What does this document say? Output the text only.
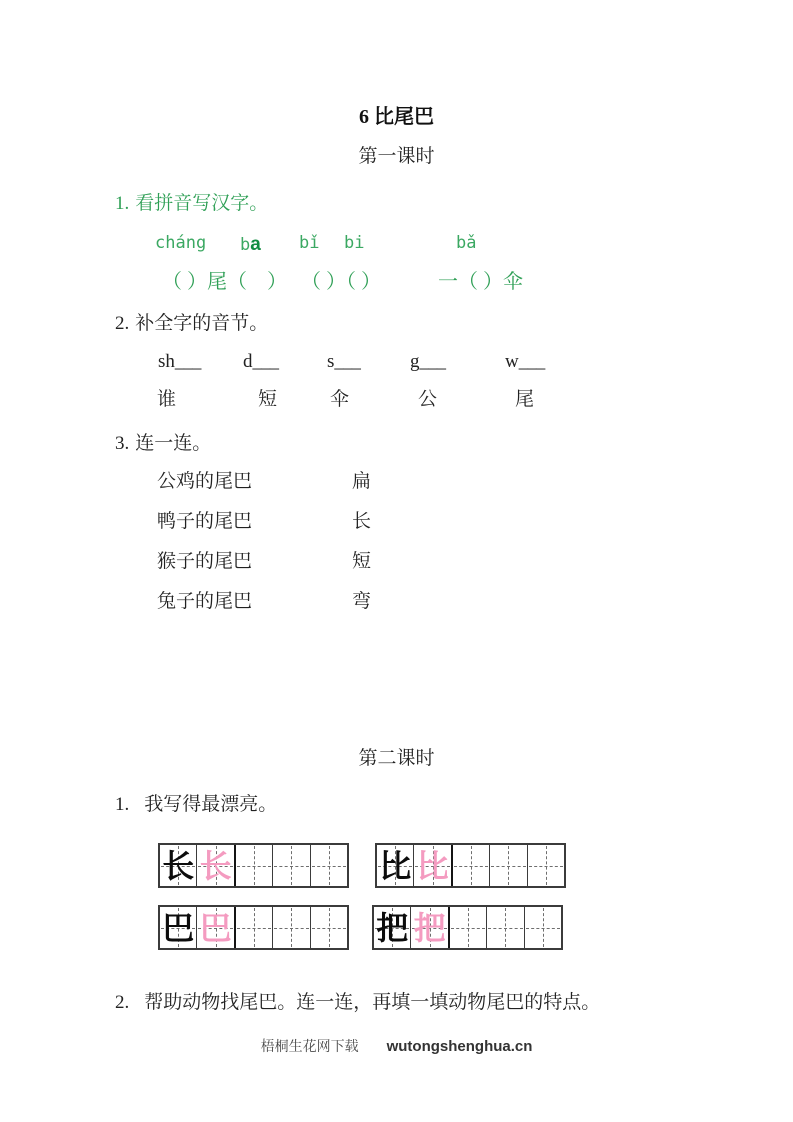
6 比尾巴
第一课时
1. 看拼音写汉字。
cháng ba bǐ bi	bǎ
（ ）尾（　） （ ）（ ）	一（ ）伞
2. 补全字的音节。
sh___ d___	s___	g___	w___
谁	短	伞	公	尾
3. 连一连。
公鸡的尾巴	扁
鸭子的尾巴	长
猴子的尾巴	短
兔子的尾巴	弯
第二课时
1. 我写得最漂亮。
长 长	比 比
巴 巴	把 把
2. 帮助动物找尾巴。连一连，再填一填动物尾巴的特点。
梧桐生花网下载 wutongshenghua.cn
